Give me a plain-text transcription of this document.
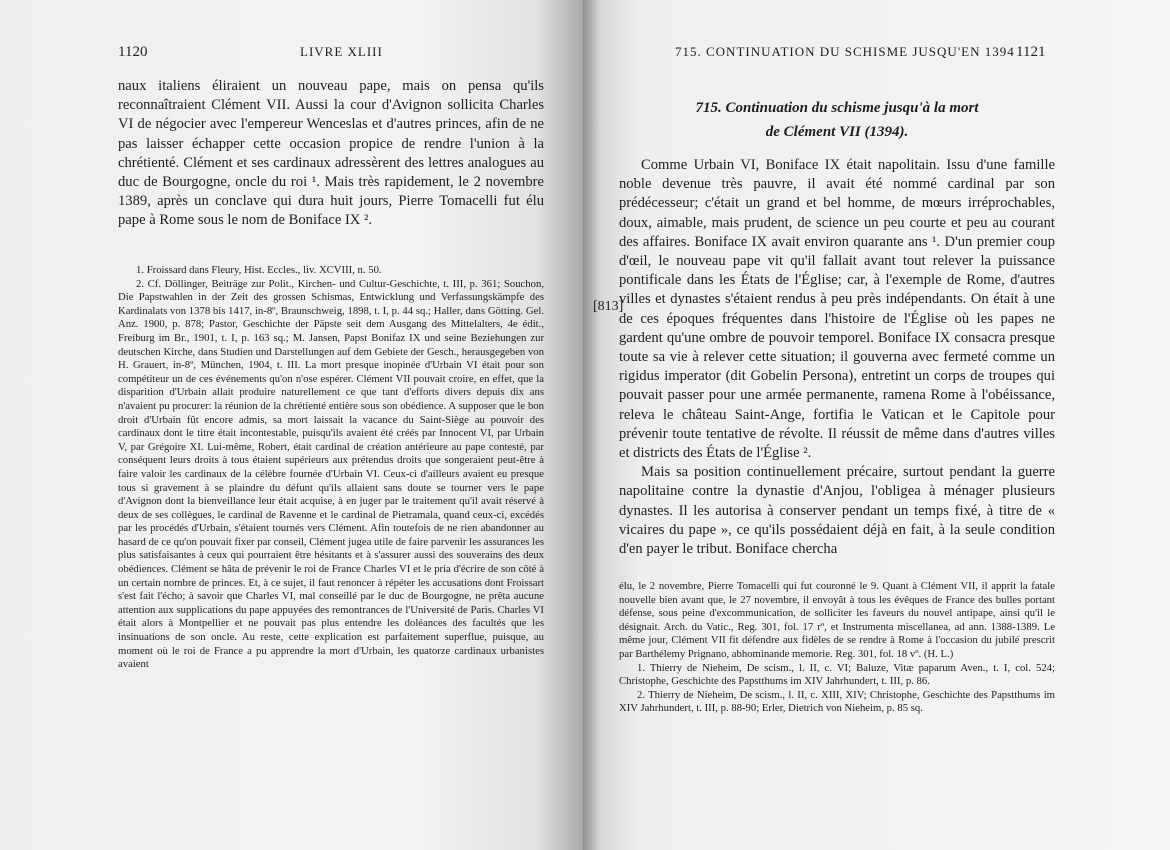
1120	LIVRE XLIII

naux italiens éliraient un nouveau pape, mais on pensa qu'ils reconnaîtraient Clément VII. Aussi la cour d'Avignon sollicita Charles VI de négocier avec l'empereur Wenceslas et d'autres princes, afin de ne pas laisser échapper cette occasion propice de rendre l'union à la chrétienté. Clément et ses cardinaux adressèrent des lettres analogues au duc de Bourgogne, oncle du roi ¹. Mais très rapidement, le 2 novembre 1389, après un conclave qui dura huit jours, Pierre Tomacelli fut élu pape à Rome sous le nom de Boniface IX ².

1. Froissard dans Fleury, Hist. Eccles., liv. XCVIII, n. 50.

2. Cf. Döllinger, Beiträge zur Polit., Kirchen- und Cultur-Geschichte, t. III, p. 361; Souchon, Die Papstwahlen in der Zeit des grossen Schismas, Entwicklung und Verfassungskämpfe des Kardinalats von 1378 bis 1417, in-8º, Braunschweig, 1898, t. I, p. 44 sq.; Haller, dans Götting. Gel. Anz. 1900, p. 878; Pastor, Geschichte der Päpste seit dem Ausgang des Mittelalters, 4e édit., Freiburg im Br., 1901, t. I, p. 163 sq.; M. Jansen, Papst Bonifaz IX und seine Beziehungen zur deutschen Kirche, dans Studien und Darstellungen auf dem Gebiete der Gesch., herausgegeben von H. Grauert, in-8º, München, 1904, t. III. La mort presque inopinée d'Urbain VI était pour son compétiteur un de ces événements qu'on n'ose espérer. Clément VII pouvait croire, en effet, que la disparition d'Urbain allait produire naturellement ce que tant d'efforts divers depuis dix ans n'avaient pu procurer: la réunion de la chrétienté entière sous son obédience. A supposer que le bon droit d'Urbain fût encore admis, sa mort laissait la vacance du Saint-Siège au pouvoir des cardinaux dont le titre était incontestable, puisqu'ils avaient été créés par Innocent VI, par Urbain V, par Grégoire XI. Lui-même, Robert, était cardinal de création antérieure au pape contesté, par conséquent leurs droits à tous étaient supérieurs aux prétendus droits que songeraient peut-être à faire valoir les cardinaux de la célèbre fournée d'Urbain VI. Ceux-ci d'ailleurs avaient eu presque tous si gravement à se plaindre du défunt qu'ils allaient sans doute se tourner vers le pape d'Avignon dont la bienveillance leur était acquise, à en juger par le traitement qu'il avait réservé à deux de ses collègues, le cardinal de Ravenne et le cardinal de Pietramala, quand ceux-ci, excédés par les procédés d'Urbain, s'étaient tournés vers Clément. Afin toutefois de ne rien abandonner au hasard de ce qu'on pouvait fixer par conseil, Clément jugea utile de faire parvenir les assurances les plus satisfaisantes à ceux qui pourraient être hésitants et à s'assurer aussi des souverains des deux obédiences. Clément se hâta de prévenir le roi de France Charles VI et le pria d'écrire de son côté à un certain nombre de princes. Et, à ce sujet, il faut renoncer à répéter les accusations dont Froissart s'est fait l'écho; à savoir que Charles VI, mal conseillé par le duc de Bourgogne, ne prêta aucune attention aux supplications du pape appuyées des remontrances de l'Université de Paris. Charles VI était alors à Montpellier et ne pouvait pas plus entendre les doléances des facultés que les insinuations de son oncle. Au reste, cette explication est parfaitement superflue, puisque, au moment où le roi de France a pu apprendre la mort d'Urbain, les quatorze cardinaux urbanistes avaient

715. CONTINUATION DU SCHISME JUSQU'EN 1394 1121
715. Continuation du schisme jusqu'à la mort
de Clément VII (1394).
[813]

Comme Urbain VI, Boniface IX était napolitain. Issu d'une famille noble devenue très pauvre, il avait été nommé cardinal par son prédécesseur; c'était un grand et bel homme, de mœurs irréprochables, doux, aimable, mais prudent, de science un peu courte et peu au courant des affaires. Boniface IX avait environ quarante ans ¹. D'un premier coup d'œil, le nouveau pape vit qu'il fallait avant tout relever la puissance pontificale dans les États de l'Église; car, à l'exemple de Rome, d'autres villes et dynastes s'étaient rendus à peu près indépendants. On était à une de ces époques fréquentes dans l'histoire de l'Église où les papes ne gardent qu'une ombre de pouvoir temporel. Boniface IX consacra presque toute sa vie à relever cette situation; il gouverna avec fermeté comme un rigidus imperator (dit Gobelin Persona), entretint un corps de troupes qui pouvait passer pour une armée permanente, ramena Rome à l'obéissance, releva le château Saint-Ange, fortifia le Vatican et le Capitole pour prévenir toute tentative de révolte. Il réussit de même dans d'autres villes et districts des États de l'Église ².

Mais sa position continuellement précaire, surtout pendant la guerre napolitaine contre la dynastie d'Anjou, l'obligea à ménager plusieurs dynastes. Il les autorisa à conserver pendant un temps fixé, à titre de « vicaires du pape », ce qu'ils possédaient déjà en fait, à la seule condition d'en payer le tribut. Boniface chercha

élu, le 2 novembre, Pierre Tomacelli qui fut couronné le 9. Quant à Clément VII, il apprit la fatale nouvelle bien avant que, le 27 novembre, il envoyât à tous les évêques de France des bulles portant défense, sous peine d'excommunication, de solliciter les faveurs du nouvel antipape, ainsi qu'il le désignait. Arch. du Vatic., Reg. 301, fol. 17 rº, et Instrumenta miscellanea, ad ann. 1388-1389. Le même jour, Clément VII fit défendre aux fidèles de se rendre à Rome à l'occasion du jubilé prescrit par Barthélemy Prignano, abhominande memorie. Reg. 301, fol. 18 vº. (H. L.)

1. Thierry de Nieheim, De scism., l. II, c. VI; Baluze, Vitæ paparum Aven., t. I, col. 524; Christophe, Geschichte des Papstthums im XIV Jahrhundert, t. III, p. 86.

2. Thierry de Nieheim, De scism., l. II, c. XIII, XIV; Christophe, Geschichte des Papstthums im XIV Jahrhundert, t. III, p. 88-90; Erler, Dietrich von Nieheim, p. 85 sq.
